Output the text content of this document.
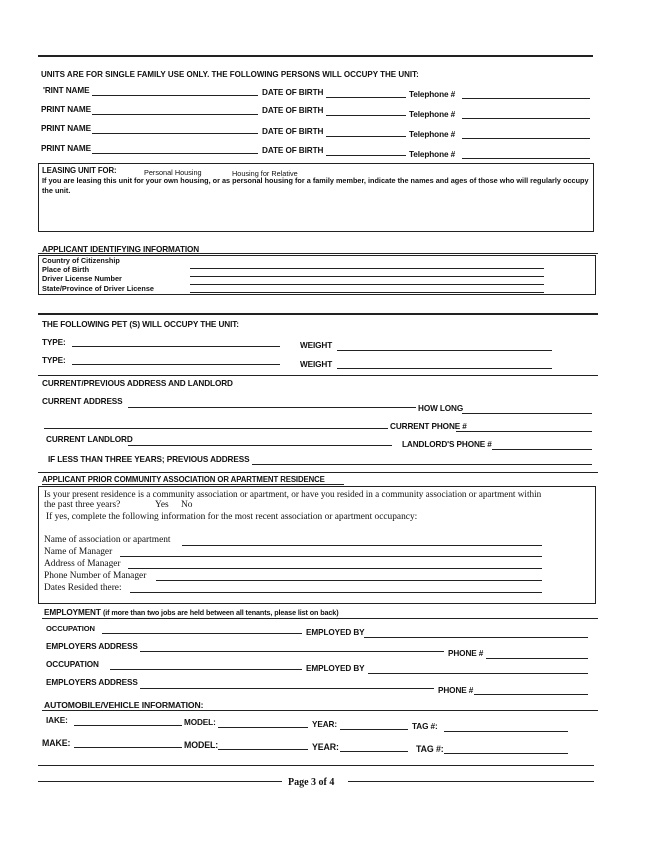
UNITS ARE FOR SINGLE FAMILY USE ONLY. THE FOLLOWING PERSONS WILL OCCUPY THE UNIT:
'RINT NAME	DATE OF BIRTH	Telephone #
PRINT NAME	DATE OF BIRTH	Telephone #
PRINT NAME	DATE OF BIRTH	Telephone #
PRINT NAME	DATE OF BIRTH	Telephone #
LEASING UNIT FOR:	Personal Housing	Housing for Relative
If you are leasing this unit for your own housing, or as personal housing for a family member, indicate the names and ages of those who will regularly occupy the unit.
APPLICANT IDENTIFYING INFORMATION
Country of Citizenship
Place of Birth
Driver License Number
State/Province of Driver License
THE FOLLOWING PET (S) WILL OCCUPY THE UNIT:
TYPE:	WEIGHT
TYPE:	WEIGHT
CURRENT/PREVIOUS ADDRESS AND LANDLORD
CURRENT ADDRESS
HOW LONG
CURRENT PHONE #
CURRENT LANDLORD
LANDLORD'S PHONE #
IF LESS THAN THREE YEARS; PREVIOUS ADDRESS
APPLICANT PRIOR COMMUNITY ASSOCIATION OR APARTMENT RESIDENCE
Is your present residence is a community association or apartment, or have you resided in a community association or apartment within
the past three years?	Yes No
If yes, complete the following information for the most recent association or apartment occupancy:
Name of association or apartment
Name of Manager
Address of Manager
Phone Number of Manager
Dates Resided there:
EMPLOYMENT (if more than two jobs are held between all tenants, please list on back)
OCCUPATION	EMPLOYED BY
EMPLOYERS ADDRESS
PHONE #
OCCUPATION	EMPLOYED BY
EMPLOYERS ADDRESS
PHONE #
AUTOMOBILE/VEHICLE INFORMATION:
IAKE:	MODEL:	YEAR:	TAG #:
MAKE:	MODEL:	YEAR:	TAG #:
Page 3 of 4
